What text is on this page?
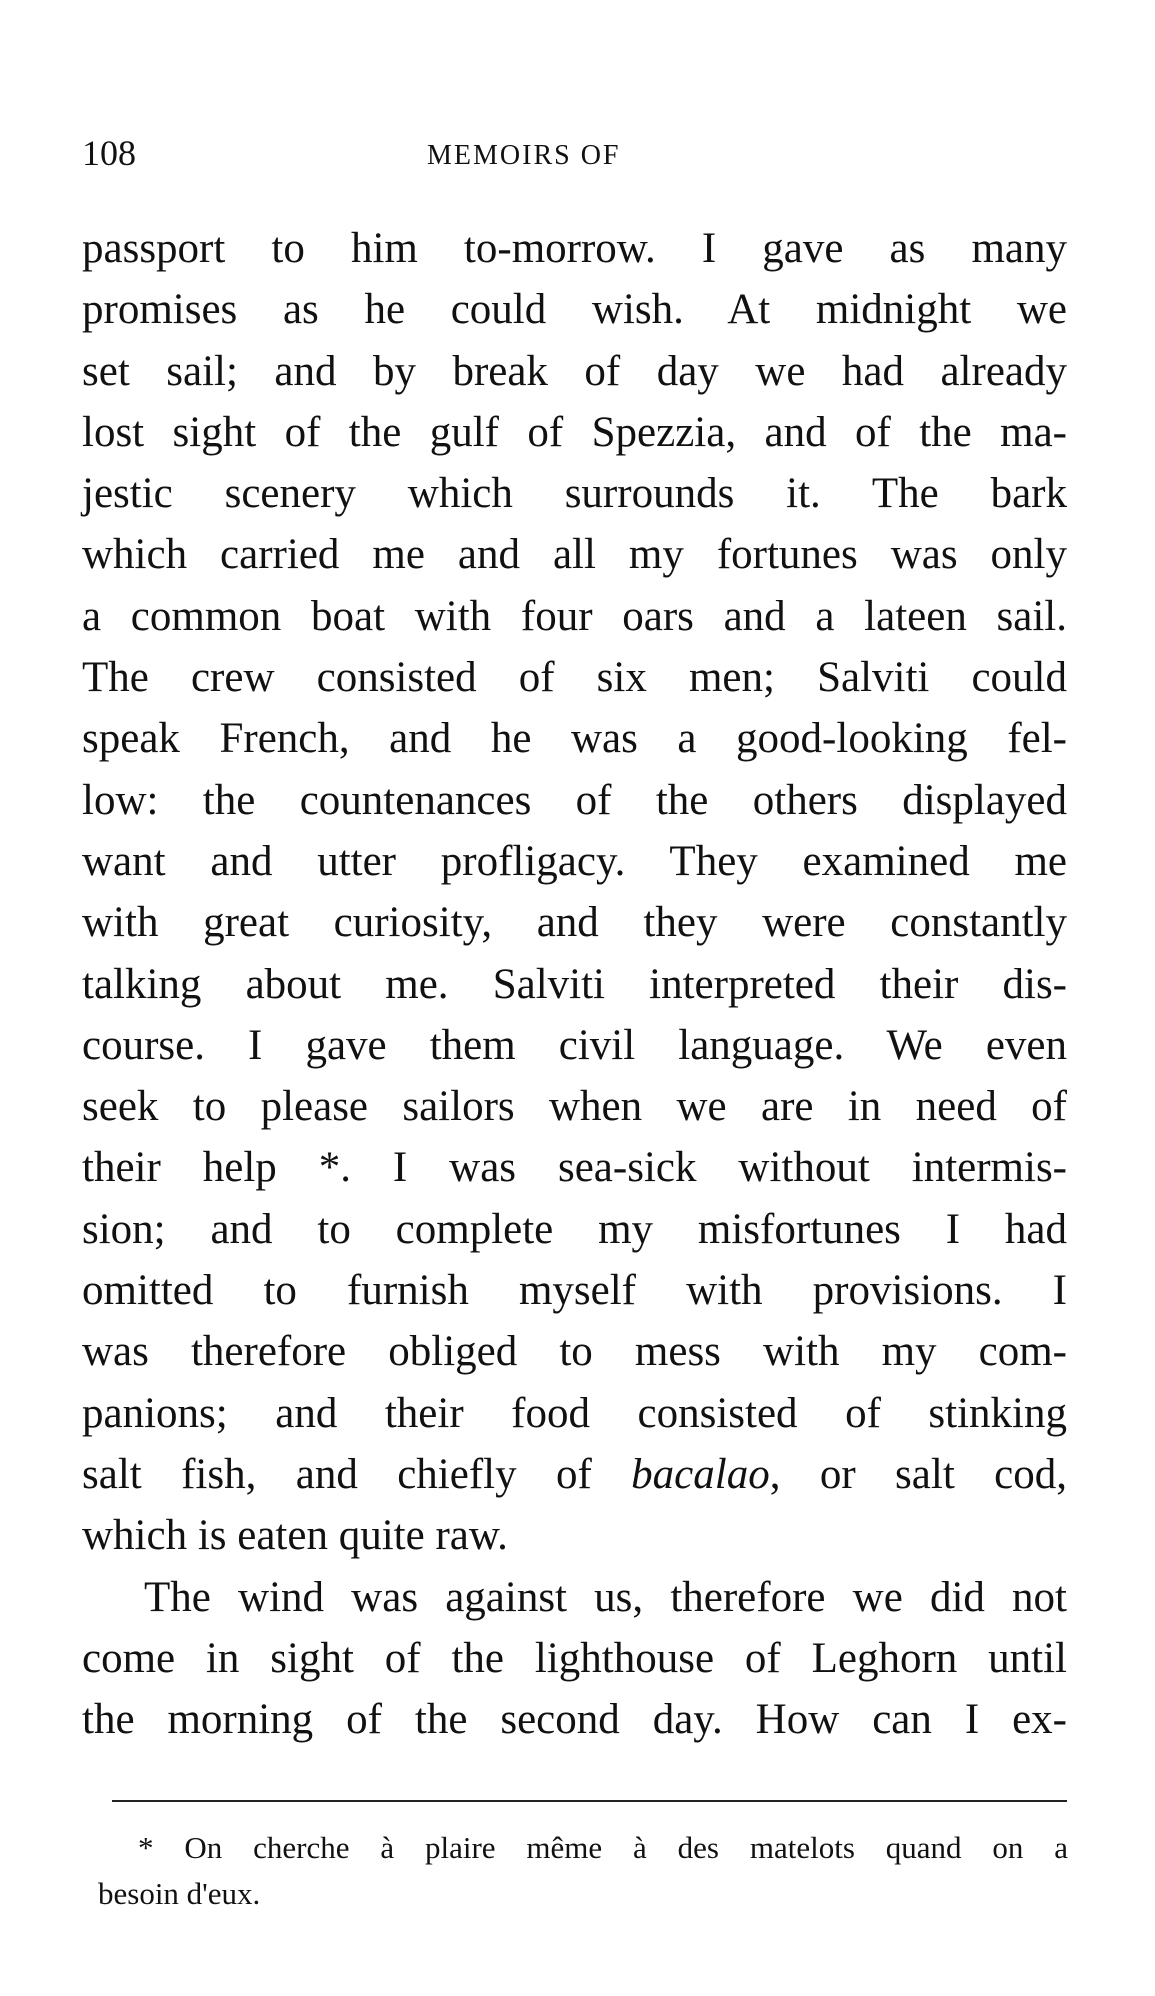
108	MEMOIRS OF
passport to him to-morrow. I gave as many
promises as he could wish. At midnight we
set sail; and by break of day we had already
lost sight of the gulf of Spezzia, and of the ma-
jestic scenery which surrounds it. The bark
which carried me and all my fortunes was only
a common boat with four oars and a lateen sail.
The crew consisted of six men; Salviti could
speak French, and he was a good-looking fel-
low: the countenances of the others displayed
want and utter profligacy. They examined me
with great curiosity, and they were constantly
talking about me. Salviti interpreted their dis-
course. I gave them civil language. We even
seek to please sailors when we are in need of
their help *. I was sea-sick without intermis-
sion; and to complete my misfortunes I had
omitted to furnish myself with provisions. I
was therefore obliged to mess with my com-
panions; and their food consisted of stinking
salt fish, and chiefly of bacalao, or salt cod,
which is eaten quite raw.
The wind was against us, therefore we did not
come in sight of the lighthouse of Leghorn until
the morning of the second day. How can I ex-
* On cherche à plaire même à des matelots quand on a
besoin d'eux.
